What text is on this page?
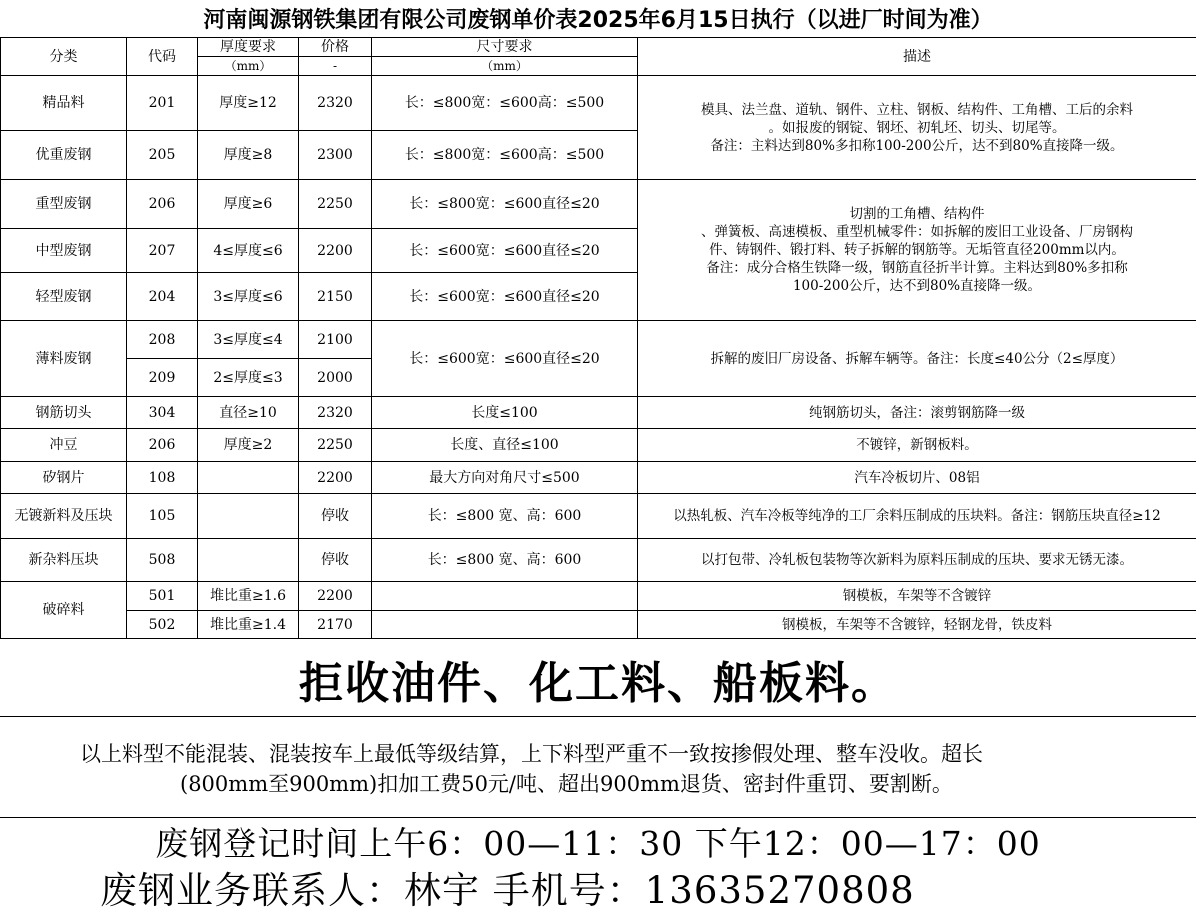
河南闽源钢铁集团有限公司废钢单价表2025年6月15日执行（以进厂时间为准）
分类	代码	厚度要求	价格	尺寸要求	描述
		（mm）	-	（mm）	
精品料	201	厚度≥12	2320	长：≤800宽：≤600高：≤500	模具、法兰盘、道轨、钢件、立柱、钢板、结构件、工角槽、工后的余料
。如报废的钢锭、钢坯、初轧坯、切头、切尾等。
备注：主料达到80%多扣称100-200公斤，达不到80%直接降一级。

优重废钢	205	厚度≥8	2300	长：≤800宽：≤600高：≤500	
重型废钢	206	厚度≥6	2250	长：≤800宽：≤600直径≤20	切割的工角槽、结构件
、弹簧板、高速模板、重型机械零件：如拆解的废旧工业设备、厂房钢构
件、铸钢件、锻打料、转子拆解的钢筋等。无垢管直径200mm以内。
备注：成分合格生铁降一级，钢筋直径折半计算。主料达到80%多扣称
100-200公斤，达不到80%直接降一级。

中型废钢	207	4≤厚度≤6	2200	长：≤600宽：≤600直径≤20	
轻型废钢	204	3≤厚度≤6	2150	长：≤600宽：≤600直径≤20	
薄料废钢	208	3≤厚度≤4	2100	长：≤600宽：≤600直径≤20	拆解的废旧厂房设备、拆解车辆等。备注：长度≤40公分（2≤厚度）
	209	2≤厚度≤3	2000		
钢筋切头	304	直径≥10	2320	长度≤100	纯钢筋切头，备注：滚剪钢筋降一级
冲豆	206	厚度≥2	2250	长度、直径≤100	不镀锌，新钢板料。
矽钢片	108		2200	最大方向对角尺寸≤500	汽车冷板切片、08铝
无镀新料及压块	105		停收	长：≤800 宽、高：600	以热轧板、汽车冷板等纯净的工厂余料压制成的压块料。备注：钢筋压块直径≥12
新杂料压块	508		停收	长：≤800 宽、高：600	以打包带、冷轧板包装物等次新料为原料压制成的压块、要求无锈无漆。
破碎料	501	堆比重≥1.6	2200		钢模板，车架等不含镀锌
	502	堆比重≥1.4	2170		钢模板，车架等不含镀锌，轻钢龙骨，铁皮料
拒收油件、化工料、船板料。
以上料型不能混装、混装按车上最低等级结算，上下料型严重不一致按掺假处理、整车没收。超长
(800mm至900mm)扣加工费50元/吨、超出900mm退货、密封件重罚、要割断。
废钢登记时间上午6：00—11：30 下午12：00—17：00
废钢业务联系人：林宇 手机号：13635270808
